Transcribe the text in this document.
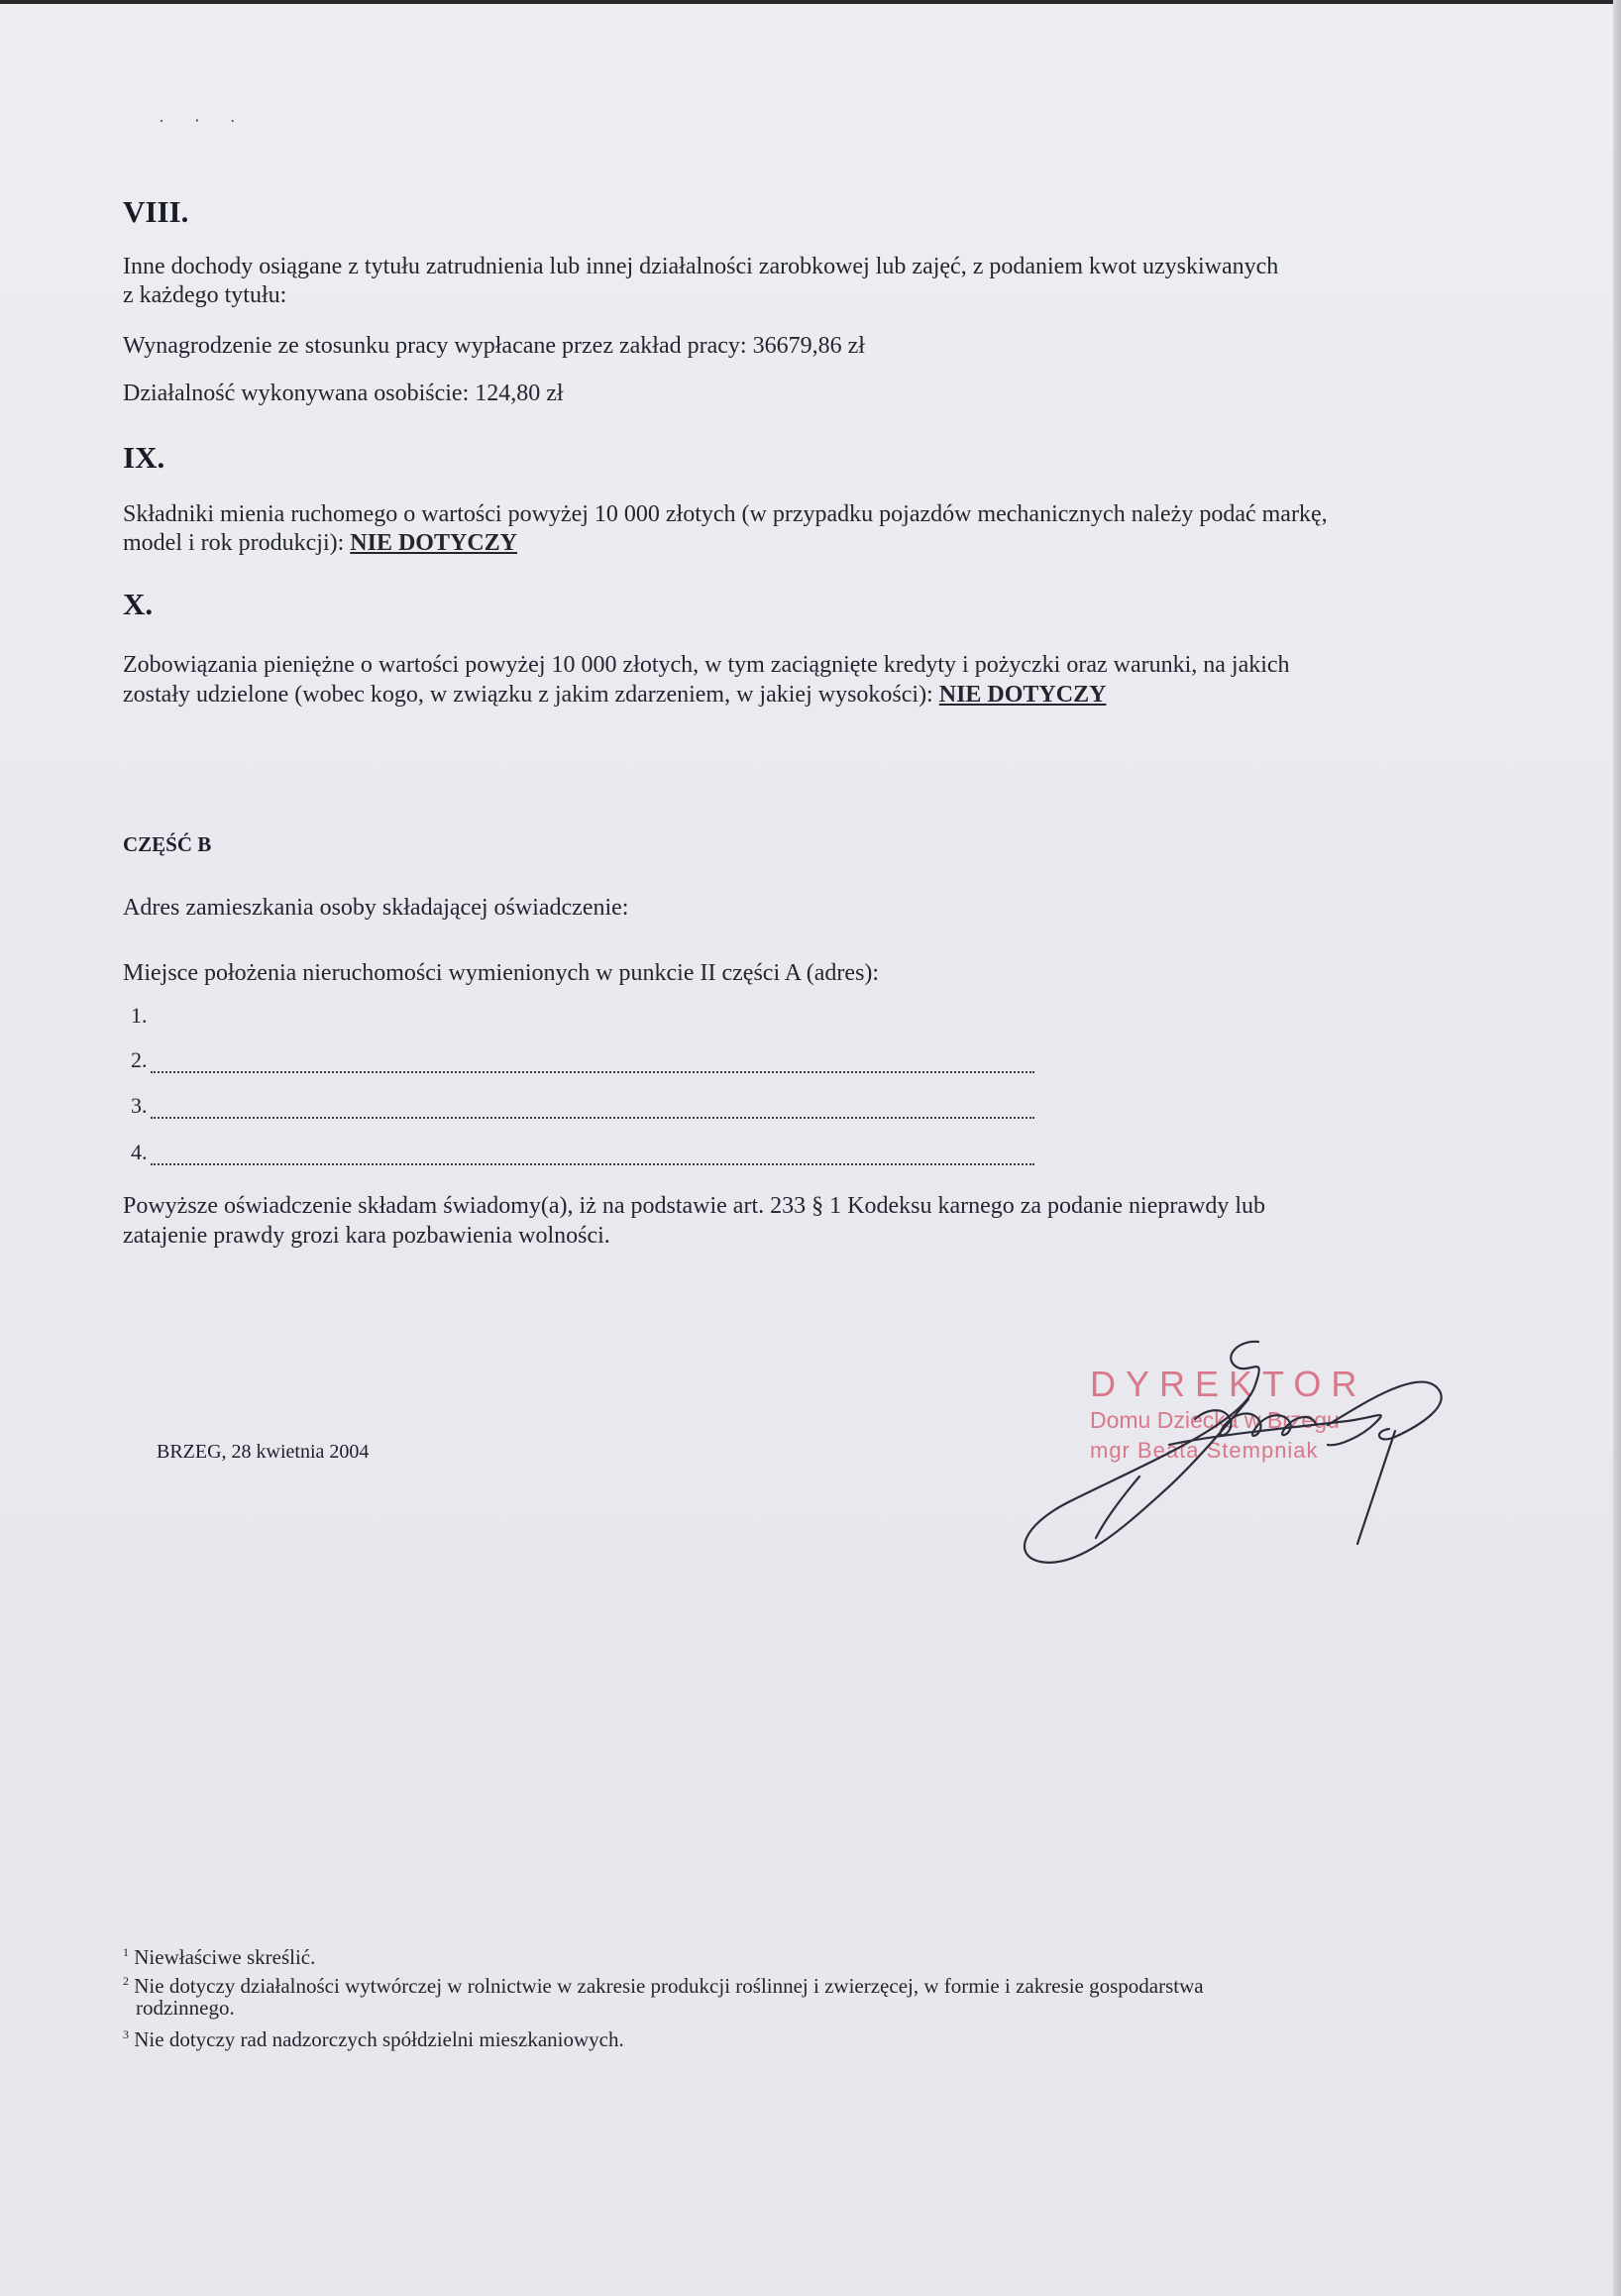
·‧·
VIII.

Inne dochody osiągane z tytułu zatrudnienia lub innej działalności zarobkowej lub zajęć, z podaniem kwot uzyskiwanych

z każdego tytułu:

Wynagrodzenie ze stosunku pracy wypłacane przez zakład pracy: 36679,86 zł

Działalność wykonywana osobiście: 124,80 zł

IX.

Składniki mienia ruchomego o wartości powyżej 10 000 złotych (w przypadku pojazdów mechanicznych należy podać markę,

model i rok produkcji): NIE DOTYCZY

X.

Zobowiązania pieniężne o wartości powyżej 10 000 złotych, w tym zaciągnięte kredyty i pożyczki oraz warunki, na jakich

zostały udzielone (wobec kogo, w związku z jakim zdarzeniem, w jakiej wysokości): NIE DOTYCZY

CZĘŚĆ B

Adres zamieszkania osoby składającej oświadczenie:

Miejsce położenia nieruchomości wymienionych w punkcie II części A (adres):

1.
2.
3.
4.

Powyższe oświadczenie składam świadomy(a), iż na podstawie art. 233 § 1 Kodeksu karnego za podanie nieprawdy lub

zatajenie prawdy grozi kara pozbawienia wolności.

BRZEG, 28 kwietnia 2004
DYREKTOR
Domu Dziecka w Brzegu
mgr Beata Stempniak
$^1$ Niewłaściwe skreślić.
$^2$ Nie dotyczy działalności wytwórczej w rolnictwie w zakresie produkcji roślinnej i zwierzęcej, w formie i zakresie gospodarstwa
rodzinnego.
$^3$ Nie dotyczy rad nadzorczych spółdzielni mieszkaniowych.
